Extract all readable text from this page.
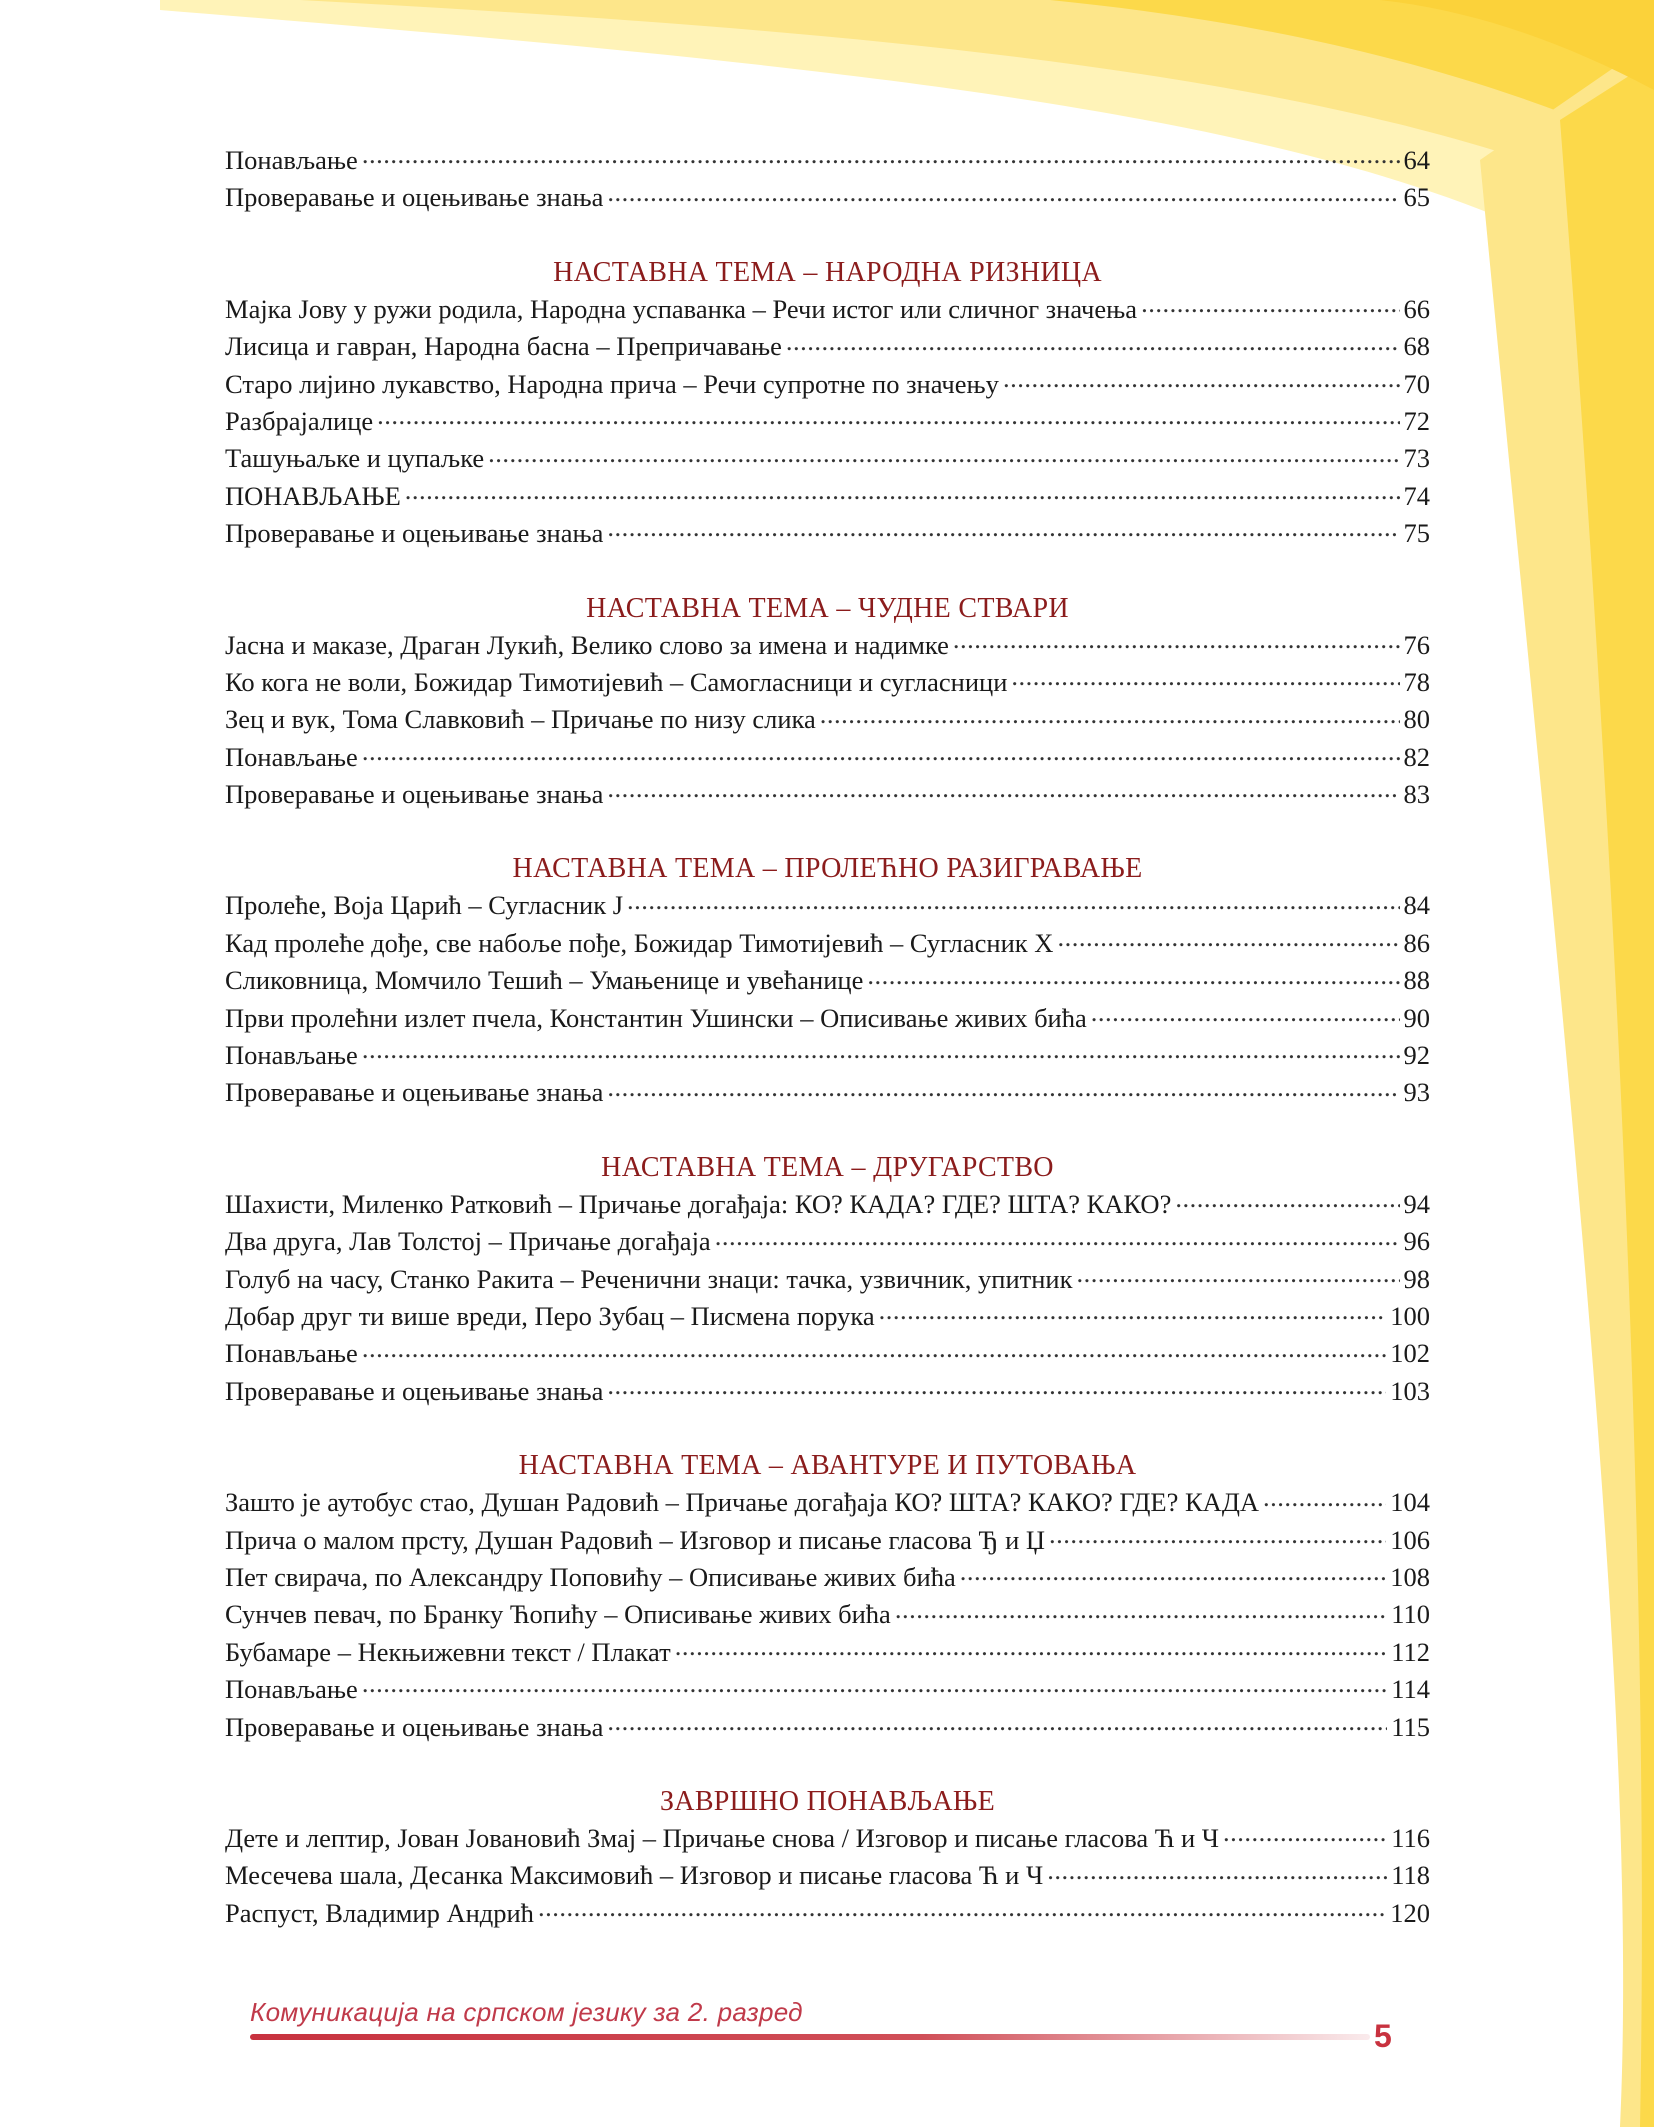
Понављање .....	64
Проверавање и оцењивање знања .....	65
НАСТАВНА ТЕМА – НАРОДНА РИЗНИЦА
Мајка Јову у ружи родила, Народна успаванка – Речи истог или сличног значења .....	66
Лисица и гавран, Народна басна – Препричавање .....	68
Старо лијино лукавство, Народна прича – Речи супротне по значењу .....	70
Разбрајалице .....	72
Ташуњаљке и цупаљке .....	73
ПОНАВЉАЊЕ .....	74
Проверавање и оцењивање знања .....	75
НАСТАВНА ТЕМА – ЧУДНЕ СТВАРИ
Јасна и маказе, Драган Лукић, Велико слово за имена и надимке .....	76
Ко кога не воли, Божидар Тимотијевић – Самогласници и сугласници .....	78
Зец и вук, Тома Славковић – Причање по низу слика .....	80
Понављање .....	82
Проверавање и оцењивање знања .....	83
НАСТАВНА ТЕМА – ПРОЛЕЋНО РАЗИГРАВАЊЕ
Пролеће, Воја Царић – Сугласник Ј .....	84
Кад пролеће дође, све набоље пође, Божидар Тимотијевић – Сугласник Х .....	86
Сликовница, Момчило Тешић – Умањенице и увећанице .....	88
Први пролећни излет пчела, Константин Ушински – Описивање живих бића .....	90
Понављање .....	92
Проверавање и оцењивање знања .....	93
НАСТАВНА ТЕМА – ДРУГАРСТВО
Шахисти, Миленко Ратковић – Причање догађаја: КО? КАДА? ГДЕ? ШТА? КАКО? .....	94
Два друга, Лав Толстој – Причање догађаја .....	96
Голуб на часу, Станко Ракита – Реченични знаци: тачка, узвичник, упитник .....	98
Добар друг ти више вреди, Перо Зубац – Писмена порука .....	100
Понављање .....	102
Проверавање и оцењивање знања .....	103
НАСТАВНА ТЕМА – АВАНТУРЕ И ПУТОВАЊА
Зашто је аутобус стао, Душан Радовић – Причање догађаја КО? ШТА? КАКО? ГДЕ? КАДА .....	104
Прича о малом прсту, Душан Радовић – Изговор и писање гласова Ђ и Џ .....	106
Пет свирача, по Александру Поповићу – Описивање живих бића .....	108
Сунчев певач, по Бранку Ћопићу – Описивање живих бића .....	110
Бубамаре – Некњижевни текст / Плакат .....	112
Понављање .....	114
Проверавање и оцењивање знања .....	115
ЗАВРШНО ПОНАВЉАЊЕ
Дете и лептир, Јован Јовановић Змај – Причање снова / Изговор и писање гласова Ћ и Ч .....	116
Месечева шала, Десанка Максимовић – Изговор и писање гласова Ћ и Ч .....	118
Распуст, Владимир Андрић .....	120
Комуникација на српском језику за 2. разред
5
